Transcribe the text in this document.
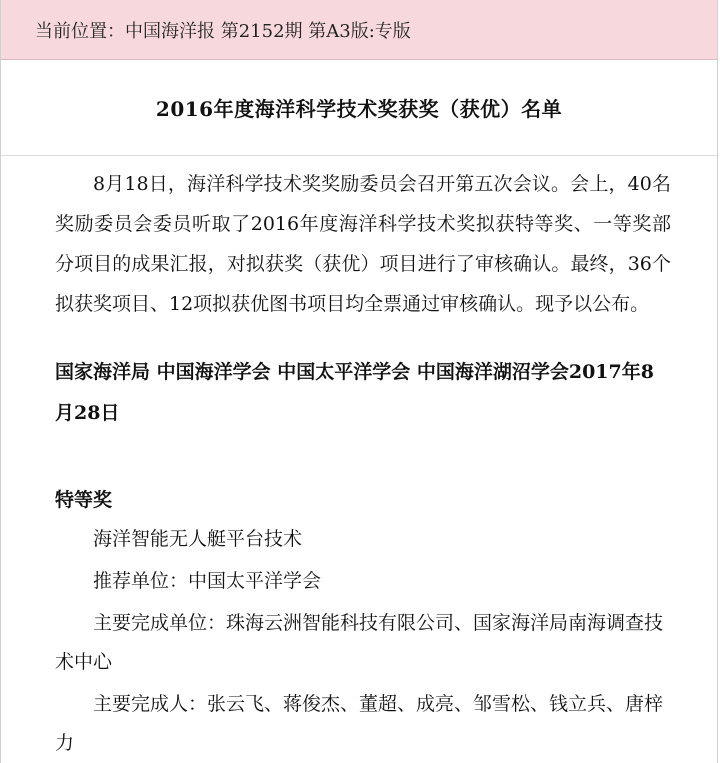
当前位置： 中国海洋报 第2152期 第A3版:专版
2016年度海洋科学技术奖获奖（获优）名单

8月18日，海洋科学技术奖奖励委员会召开第五次会议。会上，40名奖励委员会委员听取了2016年度海洋科学技术奖拟获特等奖、一等奖部分项目的成果汇报，对拟获奖（获优）项目进行了审核确认。最终，36个拟获奖项目、12项拟获优图书项目均全票通过审核确认。现予以公布。

国家海洋局 中国海洋学会 中国太平洋学会 中国海洋湖沼学会2017年8月28日

特等奖

海洋智能无人艇平台技术

推荐单位：中国太平洋学会

主要完成单位：珠海云洲智能科技有限公司、国家海洋局南海调查技术中心

主要完成人：张云飞、蒋俊杰、董超、成亮、邹雪松、钱立兵、唐梓力
